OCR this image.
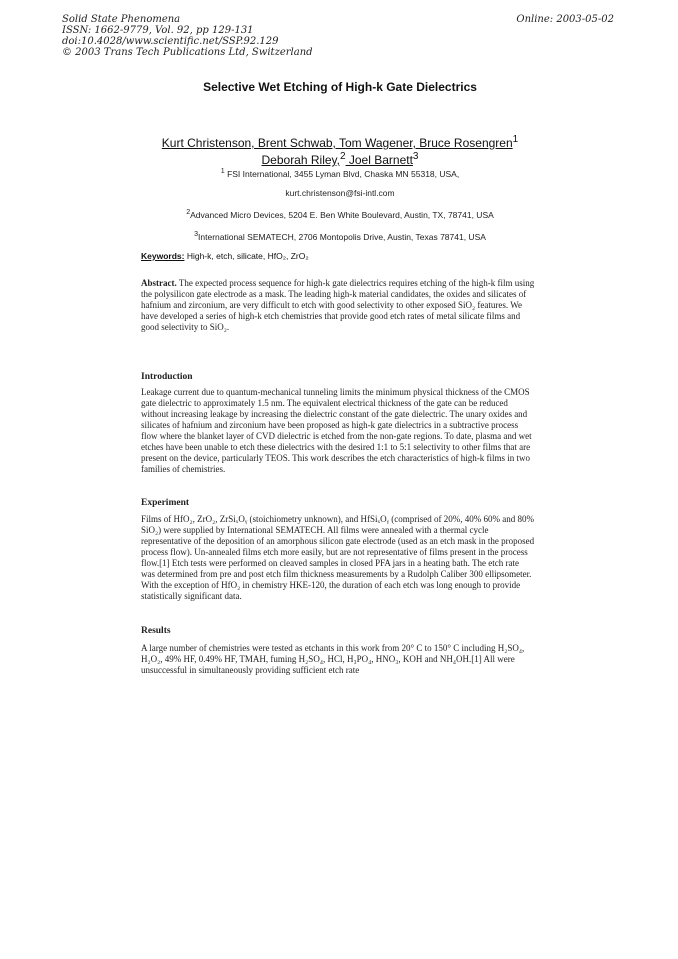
Solid State Phenomena
ISSN: 1662-9779, Vol. 92, pp 129-131
doi:10.4028/www.scientific.net/SSP.92.129
© 2003 Trans Tech Publications Ltd, Switzerland
Online: 2003-05-02
Selective Wet Etching of High-k Gate Dielectrics
Kurt Christenson, Brent Schwab, Tom Wagener, Bruce Rosengren$^1$
Deborah Riley,$^2$ Joel Barnett$^3$
$^1$ FSI International, 3455 Lyman Blvd, Chaska MN 55318, USA,
kurt.christenson@fsi-intl.com
$^2$Advanced Micro Devices, 5204 E. Ben White Boulevard, Austin, TX, 78741, USA
$^3$International SEMATECH, 2706 Montopolis Drive, Austin, Texas 78741, USA
Keywords: High-k, etch, silicate, HfO₂, ZrO₂
Abstract. The expected process sequence for high-k gate dielectrics requires etching of the high-k film using the polysilicon gate electrode as a mask. The leading high-k material candidates, the oxides and silicates of hafnium and zirconium, are very difficult to etch with good selectivity to other exposed SiO₂ features. We have developed a series of high-k etch chemistries that provide good etch rates of metal silicate films and good selectivity to SiO₂.
Introduction
Leakage current due to quantum-mechanical tunneling limits the minimum physical thickness of the CMOS gate dielectric to approximately 1.5 nm. The equivalent electrical thickness of the gate can be reduced without increasing leakage by increasing the dielectric constant of the gate dielectric. The unary oxides and silicates of hafnium and zirconium have been proposed as high-k gate dielectrics in a subtractive process flow where the blanket layer of CVD dielectric is etched from the non-gate regions. To date, plasma and wet etches have been unable to etch these dielectrics with the desired 1:1 to 5:1 selectivity to other films that are present on the device, particularly TEOS. This work describes the etch characteristics of high-k films in two families of chemistries.
Experiment
Films of HfO₂, ZrO₂, ZrSiₓOᵧ (stoichiometry unknown), and HfSiₓOᵧ (comprised of 20%, 40% 60% and 80% SiO₂) were supplied by International SEMATECH. All films were annealed with a thermal cycle representative of the deposition of an amorphous silicon gate electrode (used as an etch mask in the proposed process flow). Un-annealed films etch more easily, but are not representative of films present in the process flow.[1] Etch tests were performed on cleaved samples in closed PFA jars in a heating bath. The etch rate was determined from pre and post etch film thickness measurements by a Rudolph Caliber 300 ellipsometer. With the exception of HfO₂ in chemistry HKE-120, the duration of each etch was long enough to provide statistically significant data.
Results
A large number of chemistries were tested as etchants in this work from 20° C to 150° C including H₂SO₄, H₂O₂, 49% HF, 0.49% HF, TMAH, fuming H₂SO₄, HCl, H₃PO₄, HNO₃, KOH and NH₄OH.[1] All were unsuccessful in simultaneously providing sufficient etch rate
